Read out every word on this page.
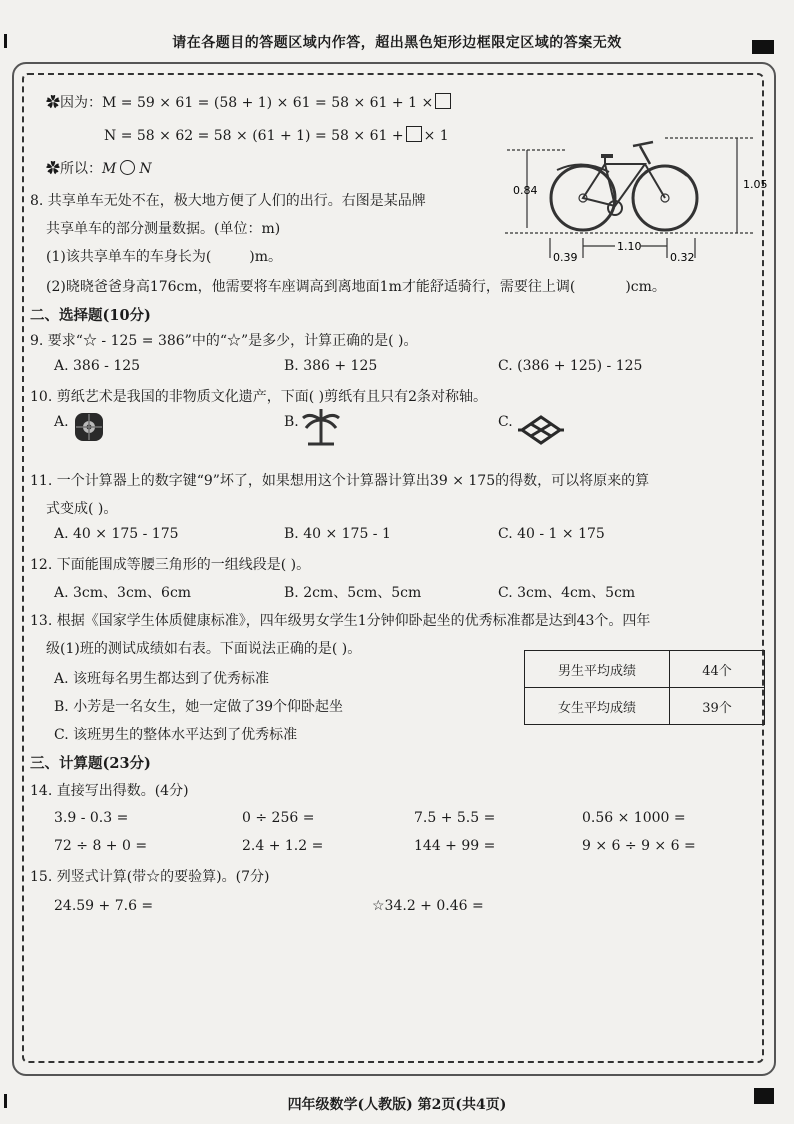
请在各题目的答题区域内作答，超出黑色矩形边框限定区域的答案无效
✿因为：M = 59 × 61 = (58 + 1) × 61 = 58 × 61 + 1 ×
N = 58 × 62 = 58 × (61 + 1) = 58 × 61 + × 1
✿所以：M N
8. 共享单车无处不在，极大地方便了人们的出行。右图是某品牌
共享单车的部分测量数据。(单位：m)
(1)该共享单车的车身长为(	)m。
(2)晓晓爸爸身高176cm，他需要将车座调高到离地面1m才能舒适骑行，需要往上调(	)cm。
0.84	1.05
0.39
1.10
0.32
二、选择题(10分)
9. 要求“☆ - 125 = 386”中的“☆”是多少，计算正确的是( )。
A. 386 - 125	B. 386 + 125	C. (386 + 125) - 125
10. 剪纸艺术是我国的非物质文化遗产，下面( )剪纸有且只有2条对称轴。
A.	B.	C.
11. 一个计算器上的数字键“9”坏了，如果想用这个计算器计算出39 × 175的得数，可以将原来的算
式变成( )。
A. 40 × 175 - 175	B. 40 × 175 - 1	C. 40 - 1 × 175
12. 下面能围成等腰三角形的一组线段是( )。
A. 3cm、3cm、6cm	B. 2cm、5cm、5cm	C. 3cm、4cm、5cm
13. 根据《国家学生体质健康标准》，四年级男女学生1分钟仰卧起坐的优秀标准都是达到43个。四年
级(1)班的测试成绩如右表。下面说法正确的是( )。
A. 该班每名男生都达到了优秀标准
B. 小芳是一名女生，她一定做了39个仰卧起坐
C. 该班男生的整体水平达到了优秀标准
男生平均成绩	44个
女生平均成绩	39个
三、计算题(23分)
14. 直接写出得数。(4分)
3.9 - 0.3 =	0 ÷ 256 =	7.5 + 5.5 =	0.56 × 1000 =
72 ÷ 8 + 0 =	2.4 + 1.2 =	144 + 99 =	9 × 6 ÷ 9 × 6 =
15. 列竖式计算(带☆的要验算)。(7分)
24.59 + 7.6 =	☆34.2 + 0.46 =
四年级数学(人教版) 第2页(共4页)
